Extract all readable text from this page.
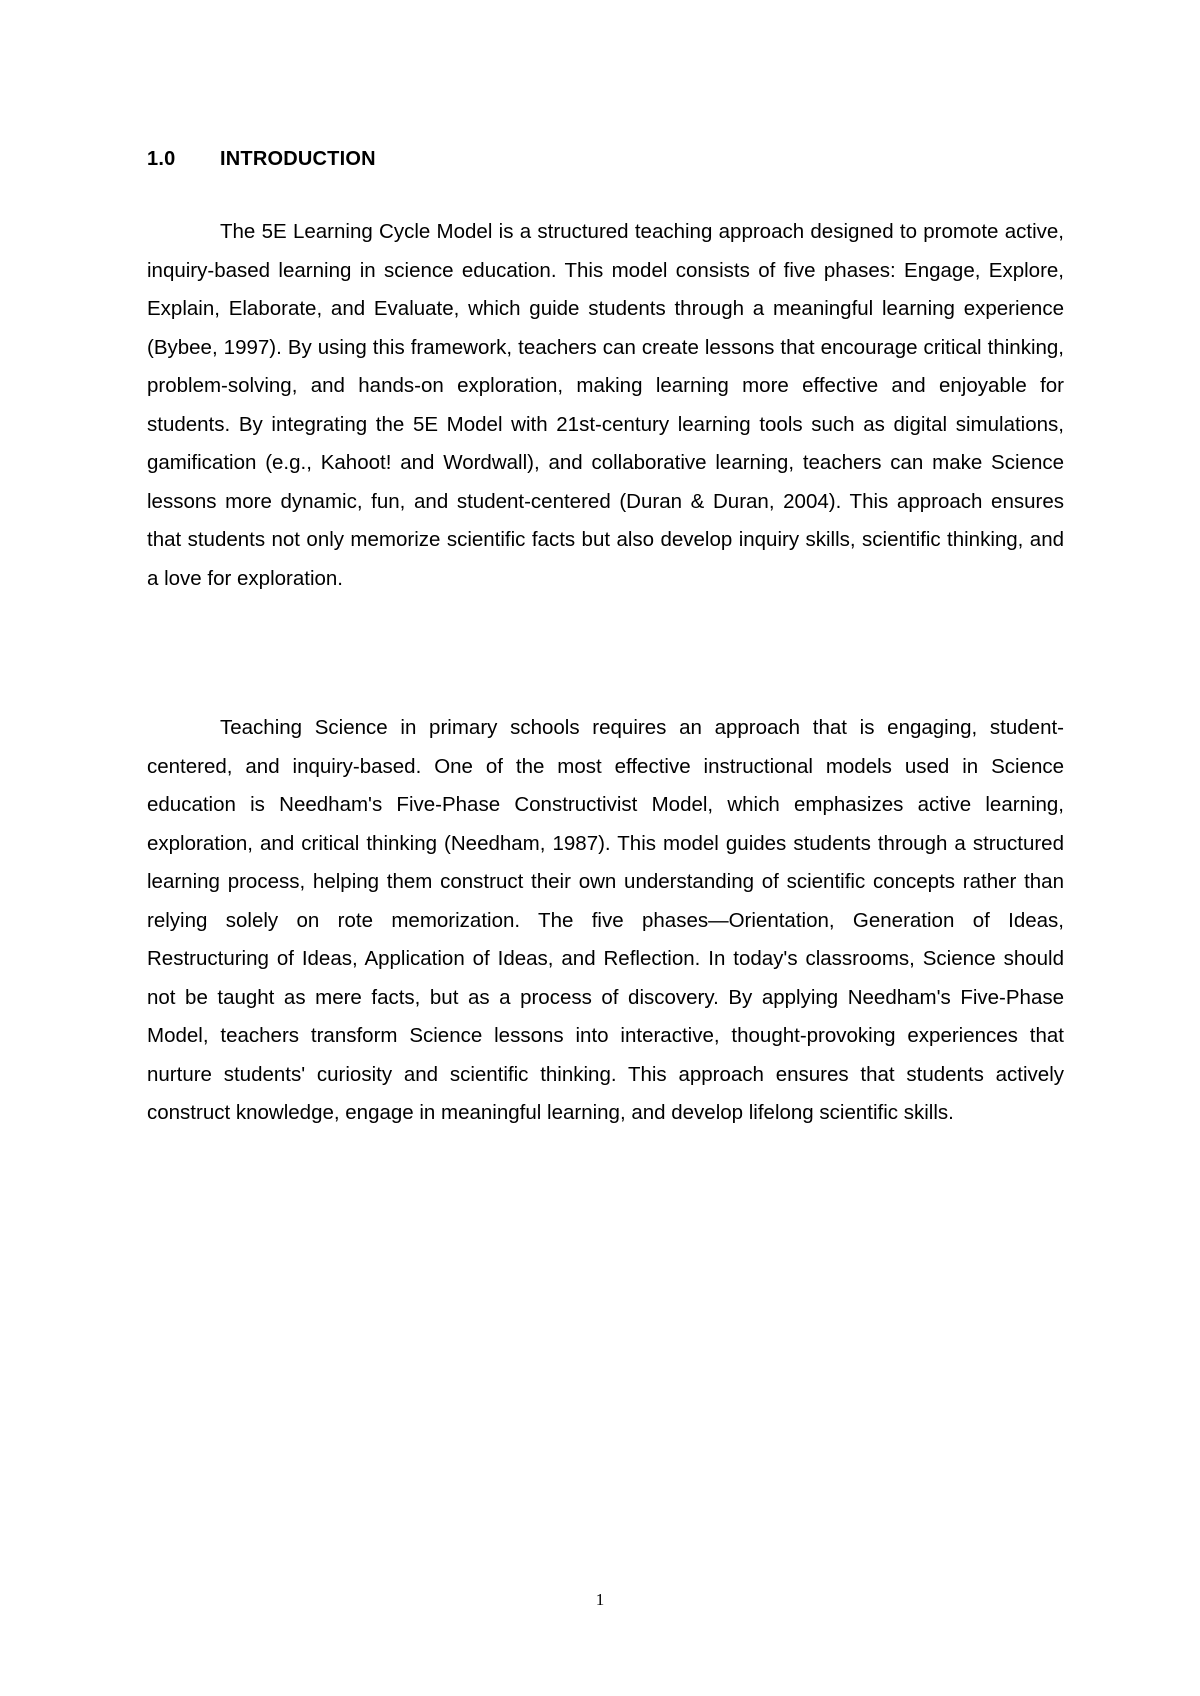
1.0 INTRODUCTION

The 5E Learning Cycle Model is a structured teaching approach designed to promote active, inquiry-based learning in science education. This model consists of five phases: Engage, Explore, Explain, Elaborate, and Evaluate, which guide students through a meaningful learning experience (Bybee, 1997). By using this framework, teachers can create lessons that encourage critical thinking, problem-solving, and hands-on exploration, making learning more effective and enjoyable for students. By integrating the 5E Model with 21st-century learning tools such as digital simulations, gamification (e.g., Kahoot! and Wordwall), and collaborative learning, teachers can make Science lessons more dynamic, fun, and student-centered (Duran & Duran, 2004). This approach ensures that students not only memorize scientific facts but also develop inquiry skills, scientific thinking, and a love for exploration.

Teaching Science in primary schools requires an approach that is engaging, student-centered, and inquiry-based. One of the most effective instructional models used in Science education is Needham's Five-Phase Constructivist Model, which emphasizes active learning, exploration, and critical thinking (Needham, 1987). This model guides students through a structured learning process, helping them construct their own understanding of scientific concepts rather than relying solely on rote memorization. The five phases—Orientation, Generation of Ideas, Restructuring of Ideas, Application of Ideas, and Reflection. In today's classrooms, Science should not be taught as mere facts, but as a process of discovery. By applying Needham's Five-Phase Model, teachers transform Science lessons into interactive, thought-provoking experiences that nurture students' curiosity and scientific thinking. This approach ensures that students actively construct knowledge, engage in meaningful learning, and develop lifelong scientific skills.

1
